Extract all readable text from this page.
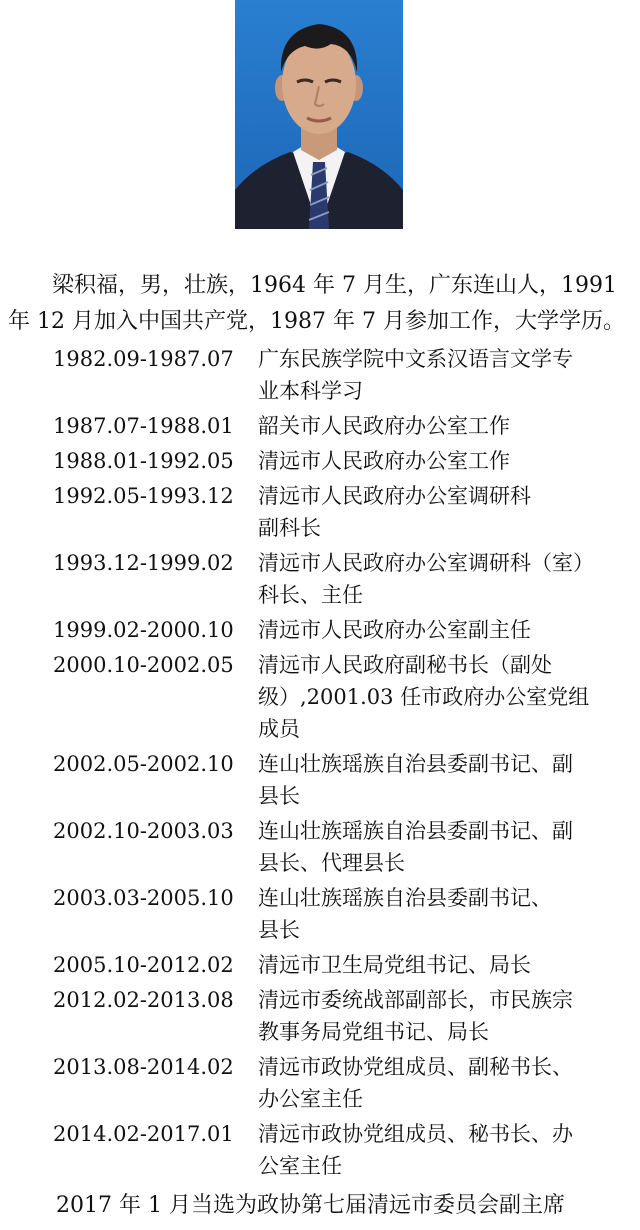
梁积福，男，壮族，1964 年 7 月生，广东连山人，1991
年 12 月加入中国共产党，1987 年 7 月参加工作，大学学历。
1982.09-1987.07	广东民族学院中文系汉语言文学专
业本科学习
1987.07-1988.01	韶关市人民政府办公室工作
1988.01-1992.05	清远市人民政府办公室工作
1992.05-1993.12	清远市人民政府办公室调研科
副科长
1993.12-1999.02	清远市人民政府办公室调研科（室）
科长、主任
1999.02-2000.10	清远市人民政府办公室副主任
2000.10-2002.05	清远市人民政府副秘书长（副处
级）,2001.03 任市政府办公室党组
成员
2002.05-2002.10	连山壮族瑶族自治县委副书记、副
县长
2002.10-2003.03	连山壮族瑶族自治县委副书记、副
县长、代理县长
2003.03-2005.10	连山壮族瑶族自治县委副书记、
县长
2005.10-2012.02	清远市卫生局党组书记、局长
2012.02-2013.08	清远市委统战部副部长，市民族宗
教事务局党组书记、局长
2013.08-2014.02	清远市政协党组成员、副秘书长、
办公室主任
2014.02-2017.01	清远市政协党组成员、秘书长、办
公室主任
2017 年 1 月当选为政协第七届清远市委员会副主席
